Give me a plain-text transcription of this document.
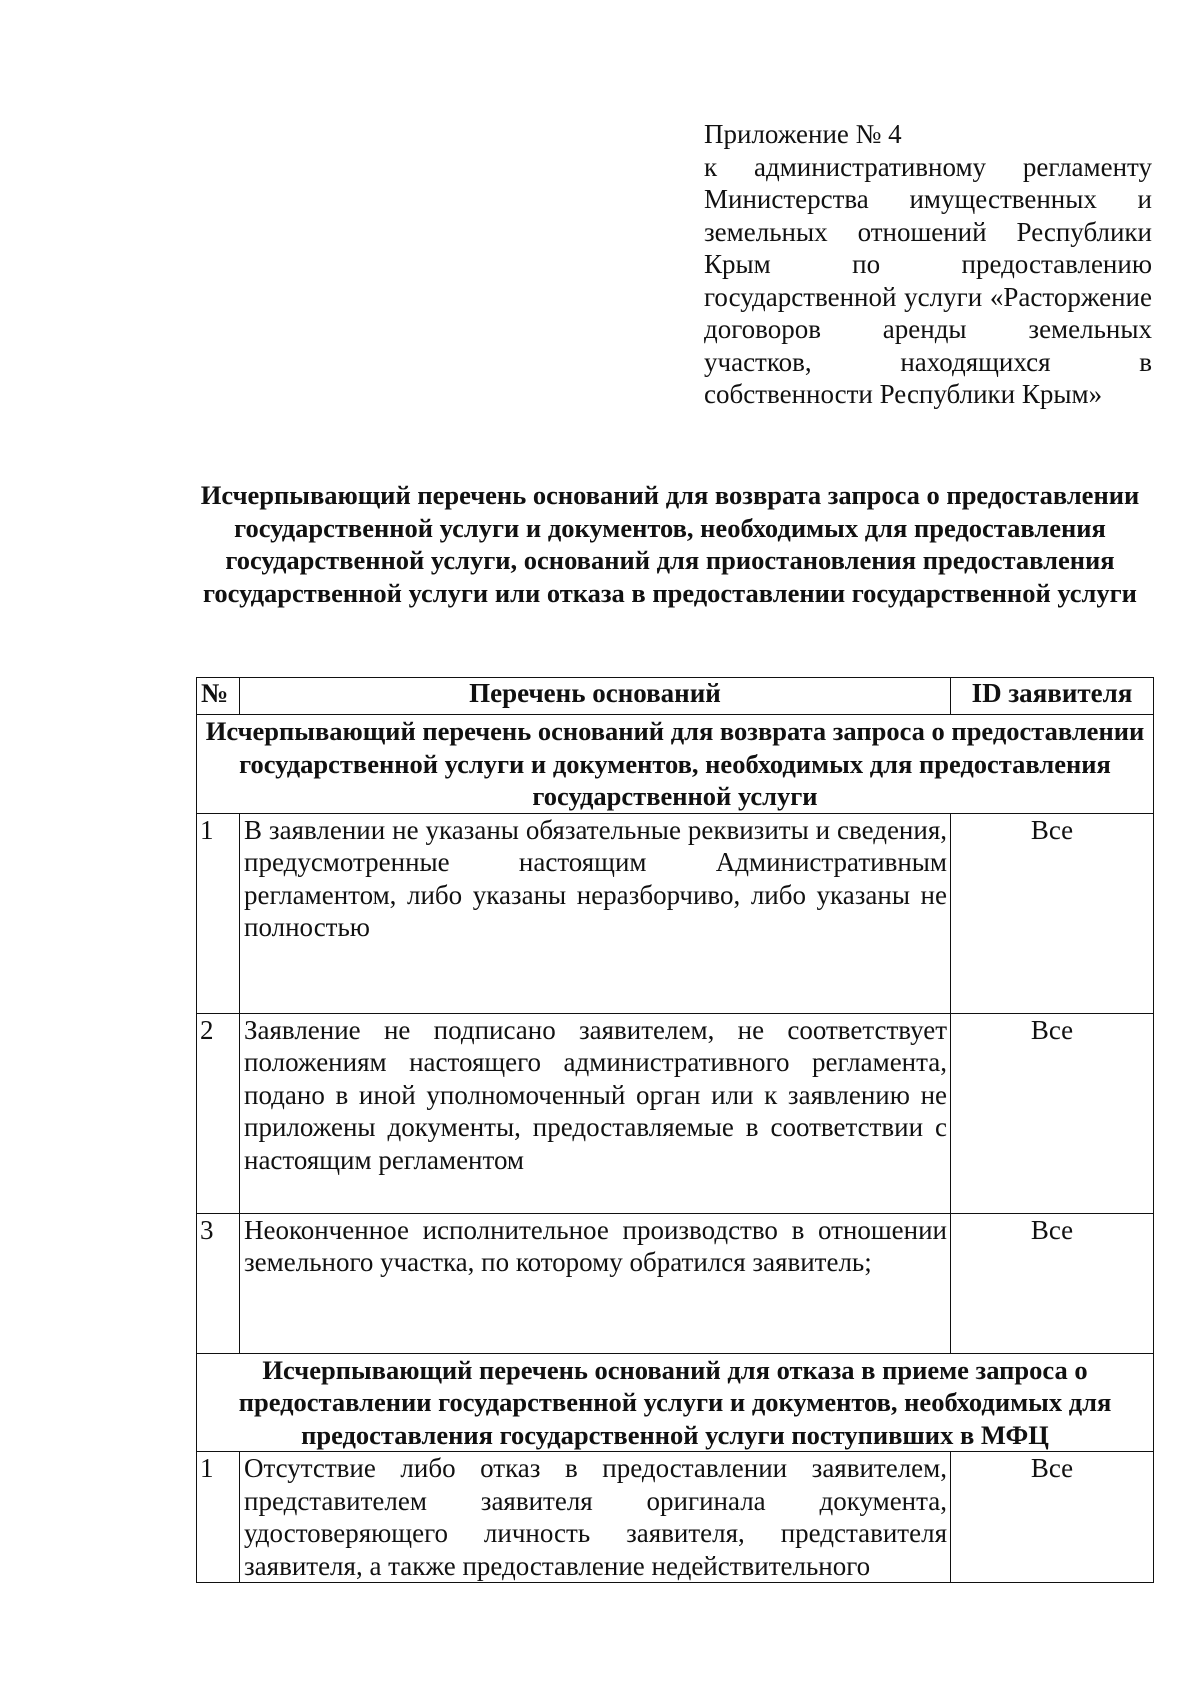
Приложение № 4
к административному регламенту Министерства имущественных и земельных отношений Республики Крым по предоставлению государственной услуги «Расторжение договоров аренды земельных участков, находящихся в
собственности Республики Крым»
Исчерпывающий перечень оснований для возврата запроса о предоставлении государственной услуги и документов, необходимых для предоставления государственной услуги, оснований для приостановления предоставления государственной услуги или отказа в предоставлении государственной услуги
№	Перечень оснований	ID заявителя
Исчерпывающий перечень оснований для возврата запроса о предоставлении государственной услуги и документов, необходимых для предоставления государственной услуги		
1	В заявлении не указаны обязательные реквизиты и сведения, предусмотренные настоящим Административным регламентом, либо указаны неразборчиво, либо указаны не полностью	Все
2	Заявление не подписано заявителем, не соответствует положениям настоящего административного регламента, подано в иной уполномоченный орган или к заявлению не приложены документы, предоставляемые в соответствии с настоящим регламентом	Все
3	Неоконченное исполнительное производство в отношении земельного участка, по которому обратился заявитель;	Все
Исчерпывающий перечень оснований для отказа в приеме запроса о предоставлении государственной услуги и документов, необходимых для предоставления государственной услуги поступивших в МФЦ		
1	Отсутствие либо отказ в предоставлении заявителем, представителем заявителя оригинала документа, удостоверяющего личность заявителя, представителя заявителя, а также предоставление недействительного	Все
